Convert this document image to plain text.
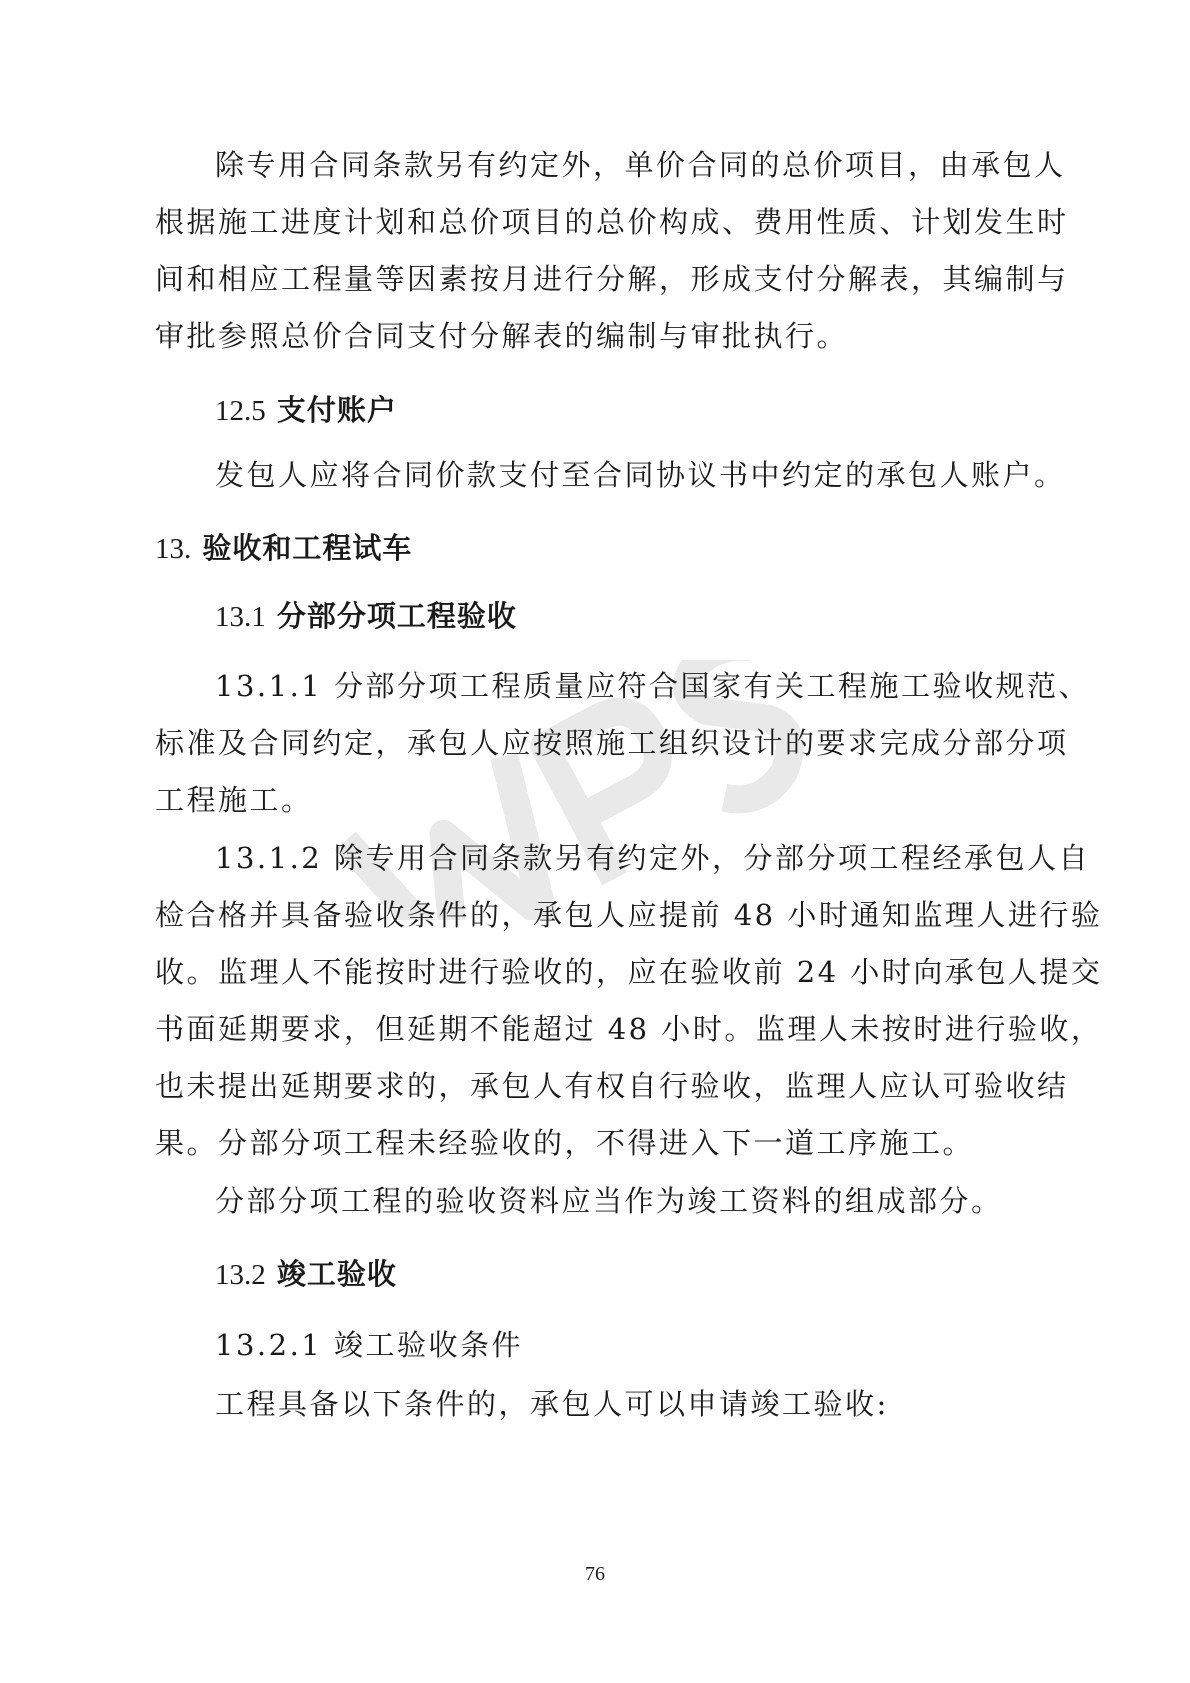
除专用合同条款另有约定外，单价合同的总价项目，由承包人
根据施工进度计划和总价项目的总价构成、费用性质、计划发生时
间和相应工程量等因素按月进行分解，形成支付分解表，其编制与
审批参照总价合同支付分解表的编制与审批执行。
12.5 支付账户
发包人应将合同价款支付至合同协议书中约定的承包人账户。
13. 验收和工程试车
13.1 分部分项工程验收
13.1.1 分部分项工程质量应符合国家有关工程施工验收规范、
标准及合同约定，承包人应按照施工组织设计的要求完成分部分项
工程施工。
13.1.2 除专用合同条款另有约定外，分部分项工程经承包人自
检合格并具备验收条件的，承包人应提前 48 小时通知监理人进行验
收。监理人不能按时进行验收的，应在验收前 24 小时向承包人提交
书面延期要求，但延期不能超过 48 小时。监理人未按时进行验收，
也未提出延期要求的，承包人有权自行验收，监理人应认可验收结
果。分部分项工程未经验收的，不得进入下一道工序施工。
分部分项工程的验收资料应当作为竣工资料的组成部分。
13.2 竣工验收
13.2.1 竣工验收条件
工程具备以下条件的，承包人可以申请竣工验收:
76
